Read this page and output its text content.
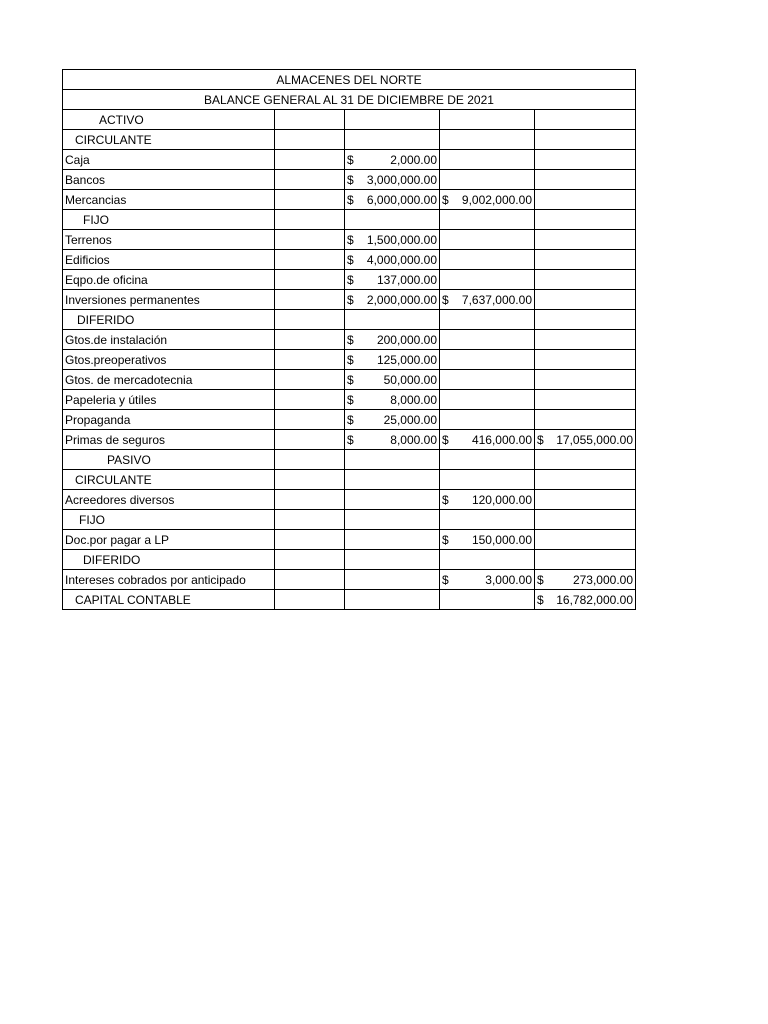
ALMACENES DEL NORTE				
BALANCE GENERAL AL 31 DE DICIEMBRE DE 2021				
ACTIVO				
CIRCULANTE				
Caja		$ 2,000.00		

Bancos		$ 3,000,000.00		

Mercancias		$ 6,000,000.00	$ 9,002,000.00	

FIJO				
Terrenos		$ 1,500,000.00		

Edificios		$ 4,000,000.00		

Eqpo.de oficina		$ 137,000.00		

Inversiones permanentes		$ 2,000,000.00	$ 7,637,000.00	

DIFERIDO				
Gtos.de instalación		$ 200,000.00		

Gtos.preoperativos		$ 125,000.00		

Gtos. de mercadotecnia		$ 50,000.00		

Papeleria y útiles		$ 8,000.00		

Propaganda		$ 25,000.00		

Primas de seguros		$ 8,000.00	$ 416,000.00	$ 17,055,000.00

PASIVO				
CIRCULANTE				
Acreedores diversos			$ 120,000.00	

FIJO				
Doc.por pagar a LP			$ 150,000.00	

DIFERIDO				
Intereses cobrados por anticipado			$ 3,000.00	$ 273,000.00

CAPITAL CONTABLE				$ 16,782,000.00
